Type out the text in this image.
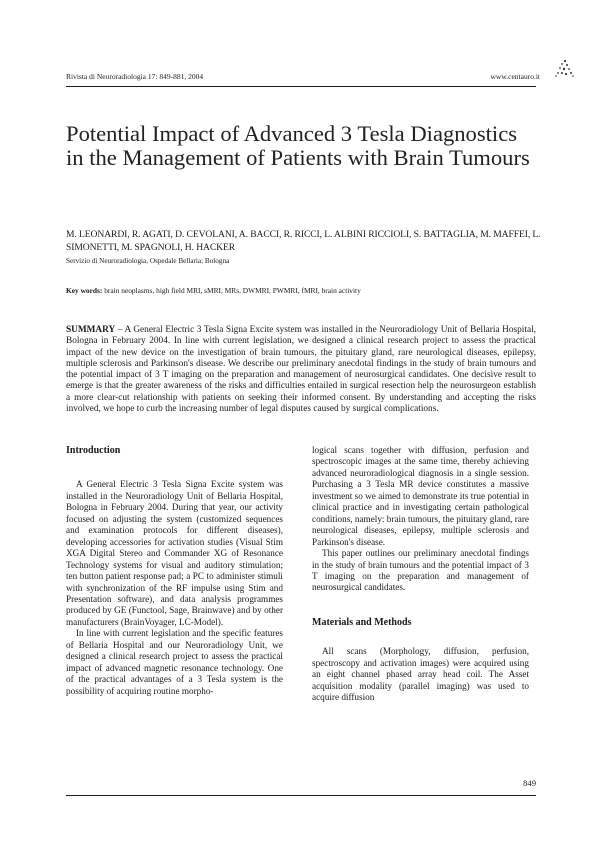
Rivista di Neuroradiologia 17: 849-881, 2004	www.centauro.it
Potential Impact of Advanced 3 Tesla Diagnostics in the Management of Patients with Brain Tumours

M. LEONARDI, R. AGATI, D. CEVOLANI, A. BACCI, R. RICCI, L. ALBINI RICCIOLI, S. BATTAGLIA, M. MAFFEI, L. SIMONETTI, M. SPAGNOLI, H. HACKER

Servizio di Neuroradiologia, Ospedale Bellaria; Bologna
Key words: brain neoplasms, high field MRI, sMRI, MRs, DWMRI, PWMRI, fMRI, brain activity

SUMMARY – A General Electric 3 Tesla Signa Excite system was installed in the Neuroradiology Unit of Bellaria Hospital, Bologna in February 2004. In line with current legislation, we designed a clinical research project to assess the practical impact of the new device on the investigation of brain tumours, the pituitary gland, rare neurological diseases, epilepsy, multiple sclerosis and Parkinson's disease. We describe our preliminary anecdotal findings in the study of brain tumours and the potential impact of 3 T imaging on the preparation and management of neurosurgical candidates. One decisive result to emerge is that the greater awareness of the risks and difficulties entailed in surgical resection help the neurosurgeon establish a more clear-cut relationship with patients on seeking their informed consent. By understanding and accepting the risks involved, we hope to curb the increasing number of legal disputes caused by surgical complications.

Introduction

A General Electric 3 Tesla Signa Excite system was installed in the Neuroradiology Unit of Bellaria Hospital, Bologna in February 2004. During that year, our activity focused on adjusting the system (customized sequences and examination protocols for different diseases), developing accessories for activation studies (Visual Stim XGA Digital Stereo and Commander XG of Resonance Technology systems for visual and auditory stimulation; ten button patient response pad; a PC to administer stimuli with synchronization of the RF impulse using Stim and Presentation software), and data analysis programmes produced by GE (Functool, Sage, Brainwave) and by other manufacturers (BrainVoyager, LC-Model).

In line with current legislation and the specific features of Bellaria Hospital and our Neuroradiology Unit, we designed a clinical research project to assess the practical impact of advanced magnetic resonance technology. One of the practical advantages of a 3 Tesla system is the possibility of acquiring routine morpho-

logical scans together with diffusion, perfusion and spectroscopic images at the same time, thereby achieving advanced neuroradiological diagnosis in a single session. Purchasing a 3 Tesla MR device constitutes a massive investment so we aimed to demonstrate its true potential in clinical practice and in investigating certain pathological conditions, namely: brain tumours, the pituitary gland, rare neurological diseases, epilepsy, multiple sclerosis and Parkinson's disease.

This paper outlines our preliminary anecdotal findings in the study of brain tumours and the potential impact of 3 T imaging on the preparation and management of neurosurgical candidates.

Materials and Methods

All scans (Morphology, diffusion, perfusion, spectroscopy and activation images) were acquired using an eight channel phased array head coil. The Asset acquisition modality (parallel imaging) was used to acquire diffusion

849
